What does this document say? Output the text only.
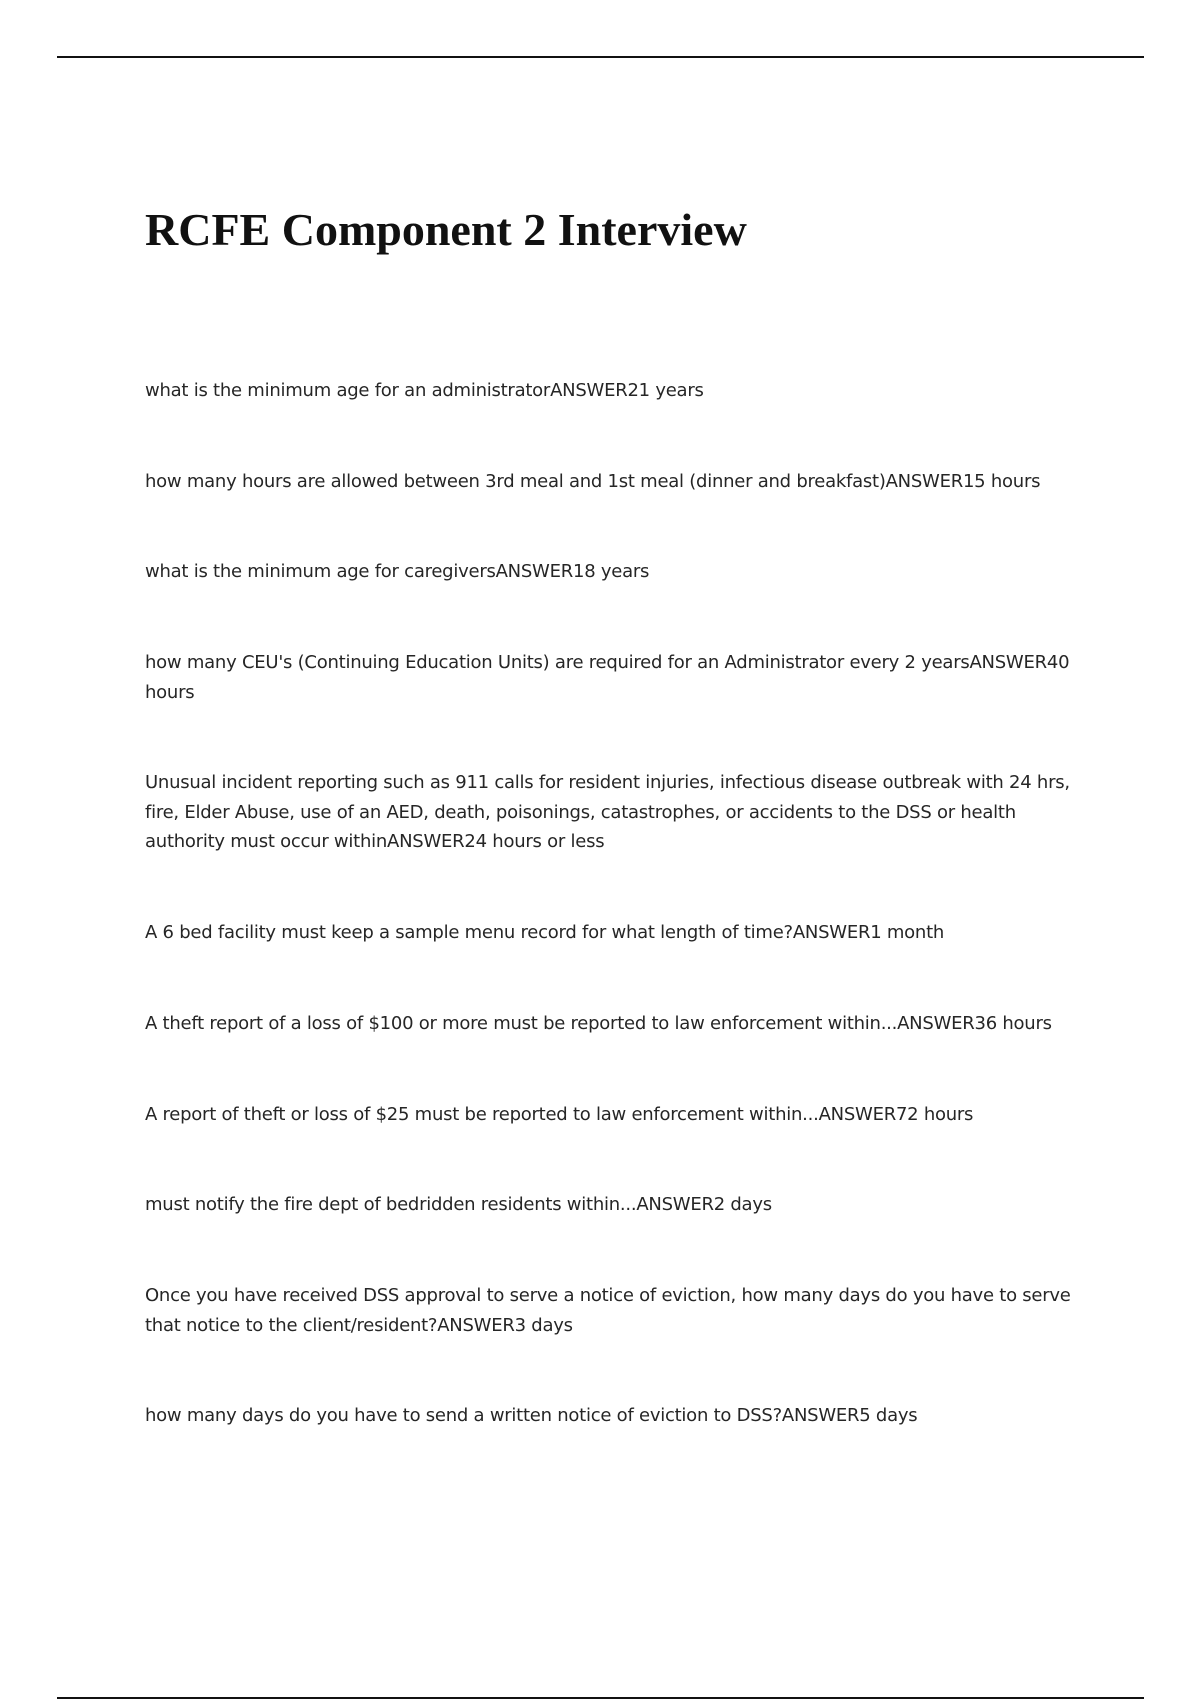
RCFE Component 2 Interview

what is the minimum age for an administratorANSWER21 years

how many hours are allowed between 3rd meal and 1st meal (dinner and breakfast)ANSWER15 hours

what is the minimum age for caregiversANSWER18 years

how many CEU's (Continuing Education Units) are required for an Administrator every 2 yearsANSWER40 hours

Unusual incident reporting such as 911 calls for resident injuries, infectious disease outbreak with 24 hrs, fire, Elder Abuse, use of an AED, death, poisonings, catastrophes, or accidents to the DSS or health authority must occur withinANSWER24 hours or less

A 6 bed facility must keep a sample menu record for what length of time?ANSWER1 month

A theft report of a loss of $100 or more must be reported to law enforcement within...ANSWER36 hours

A report of theft or loss of $25 must be reported to law enforcement within...ANSWER72 hours

must notify the fire dept of bedridden residents within...ANSWER2 days

Once you have received DSS approval to serve a notice of eviction, how many days do you have to serve that notice to the client/resident?ANSWER3 days

how many days do you have to send a written notice of eviction to DSS?ANSWER5 days
